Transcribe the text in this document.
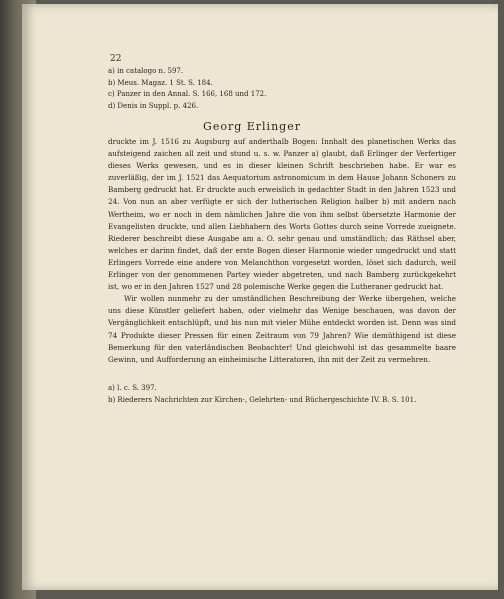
22
a) in catalogo n. 597.
b) Meus. Magaz. 1 St. S. 184.
c) Panzer in den Annal. S. 166, 168 und 172.
d) Denis in Suppl. p. 426.
Georg Erlinger

druckte im J. 1516 zu Augsburg auf anderthalb Bogen: Innhalt des planetischen Werks das aufsteigend zaichen all zeit und stund u. s. w. Panzer a) glaubt, daß Erlinger der Verfertiger dieses Werks gewesen, und es in dieser kleinen Schrift beschrieben habe. Er war es zuverläßig, der im J. 1521 das Aequatorium astronomicum in dem Hause Johann Schoners zu Bamberg gedruckt hat. Er druckte auch erweislich in gedachter Stadt in den Jahren 1523 und 24. Von nun an aber verfügte er sich der lutherischen Religion halber b) mit andern nach Wertheim, wo er noch in dem nämlichen Jahre die von ihm selbst übersetzte Harmonie der Evangelisten druckte, und allen Liebhabern des Worts Gottes durch seine Vorrede zueignete. Riederer beschreibt diese Ausgabe am a. O. sehr genau und umständlich; das Räthsel aber, welches er darinn findet, daß der erste Bogen dieser Harmonie wieder umgedruckt und statt Erlingers Vorrede eine andere von Melanchthon vorgesetzt worden, löset sich dadurch, weil Erlinger von der genommenen Partey wieder abgetreten, und nach Bamberg zurückgekehrt ist, wo er in den Jahren 1527 und 28 polemische Werke gegen die Lutheraner gedruckt hat.

Wir wollen nunmehr zu der umständlichen Beschreibung der Werke übergehen, welche uns diese Künstler geliefert haben, oder vielmehr das Wenige beschauen, was davon der Vergänglichkeit entschlüpft, und bis nun mit vieler Mühe entdeckt worden ist. Denn was sind 74 Produkte dieser Pressen für einen Zeitraum von 79 Jahren? Wie demüthigend ist diese Bemerkung für den vaterländischen Beobachter! Und gleichwohl ist das gesammelte baare Gewinn, und Aufforderung an einheimische Litteratoren, ihn mit der Zeit zu vermehren.

a) l. c. S. 397.
b) Riederers Nachrichten zur Kirchen-, Gelehrten- und Büchergeschichte IV. B. S. 101.
